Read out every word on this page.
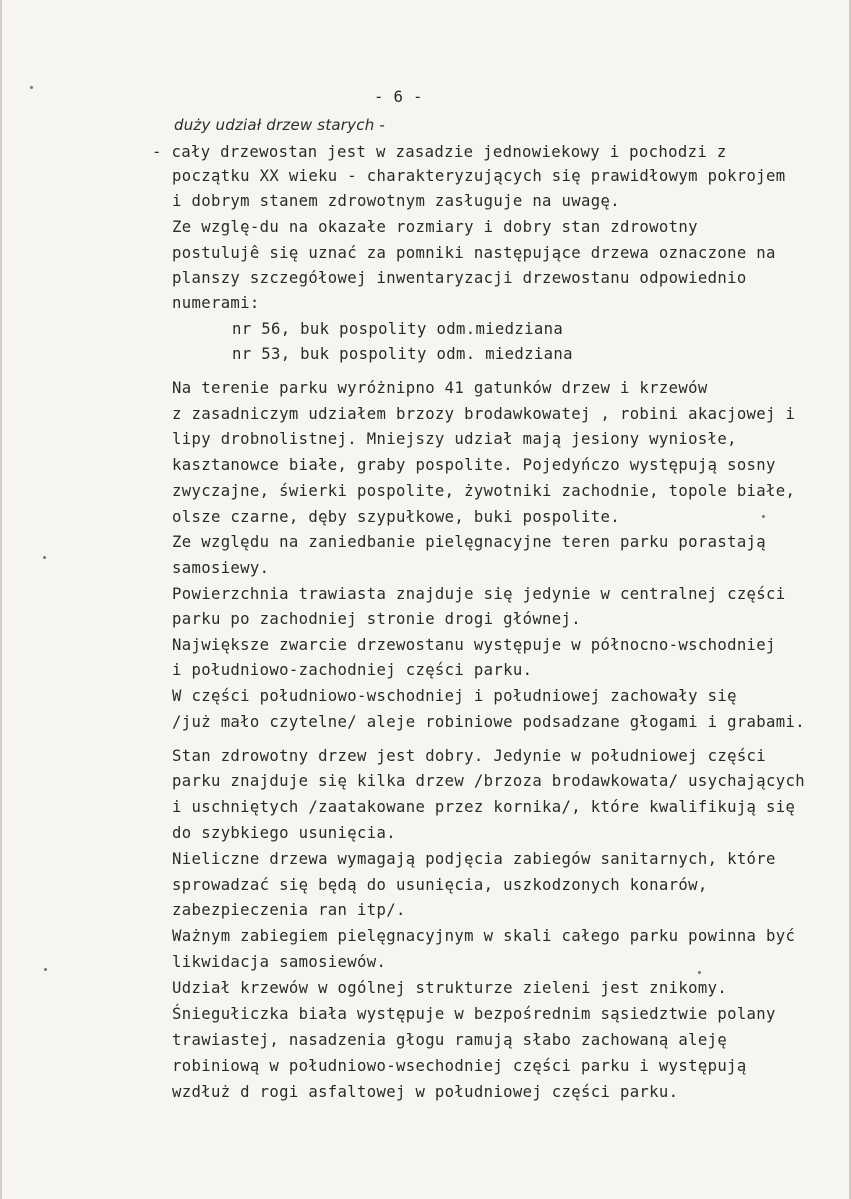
- 6 -
duży udział drzew starych -
- cały drzewostan jest w zasadzie jednowiekowy i pochodzi z
początku XX wieku - charakteryzujących się prawidłowym pokrojem
i dobrym stanem zdrowotnym zasługuje na uwagę.
Ze wzglę-du na okazałe rozmiary i dobry stan zdrowotny
postulujê się uznać za pomniki następujące drzewa oznaczone na
planszy szczegółowej inwentaryzacji drzewostanu odpowiednio
numerami:
nr 56, buk pospolity odm.miedziana
nr 53, buk pospolity odm. miedziana
Na terenie parku wyróżnipno 41 gatunków drzew i krzewów
z zasadniczym udziałem brzozy brodawkowatej , robini akacjowej i
lipy drobnolistnej. Mniejszy udział mają jesiony wyniosłe,
kasztanowce białe, graby pospolite. Pojedyńczo występują sosny
zwyczajne, świerki pospolite, żywotniki zachodnie, topole białe,
olsze czarne, dęby szypułkowe, buki pospolite.
Ze względu na zaniedbanie pielęgnacyjne teren parku porastają
samosiewy.
Powierzchnia trawiasta znajduje się jedynie w centralnej części
parku po zachodniej stronie drogi głównej.
Największe zwarcie drzewostanu występuje w północno-wschodniej
i południowo-zachodniej części parku.
W części południowo-wschodniej i południowej zachowały się
/już mało czytelne/ aleje robiniowe podsadzane głogami i grabami.
Stan zdrowotny drzew jest dobry. Jedynie w południowej części
parku znajduje się kilka drzew /brzoza brodawkowata/ usychających
i uschniętych /zaatakowane przez kornika/, które kwalifikują się
do szybkiego usunięcia.
Nieliczne drzewa wymagają podjęcia zabiegów sanitarnych, które
sprowadzać się będą do usunięcia, uszkodzonych konarów,
zabezpieczenia ran itp/.
Ważnym zabiegiem pielęgnacyjnym w skali całego parku powinna być
likwidacja samosiewów.
Udział krzewów w ogólnej strukturze zieleni jest znikomy.
Śniegułiczka biała występuje w bezpośrednim sąsiedztwie polany
trawiastej, nasadzenia głogu ramują słabo zachowaną aleję
robiniową w południowo-wsechodniej części parku i występują
wzdłuż d rogi asfaltowej w południowej części parku.
